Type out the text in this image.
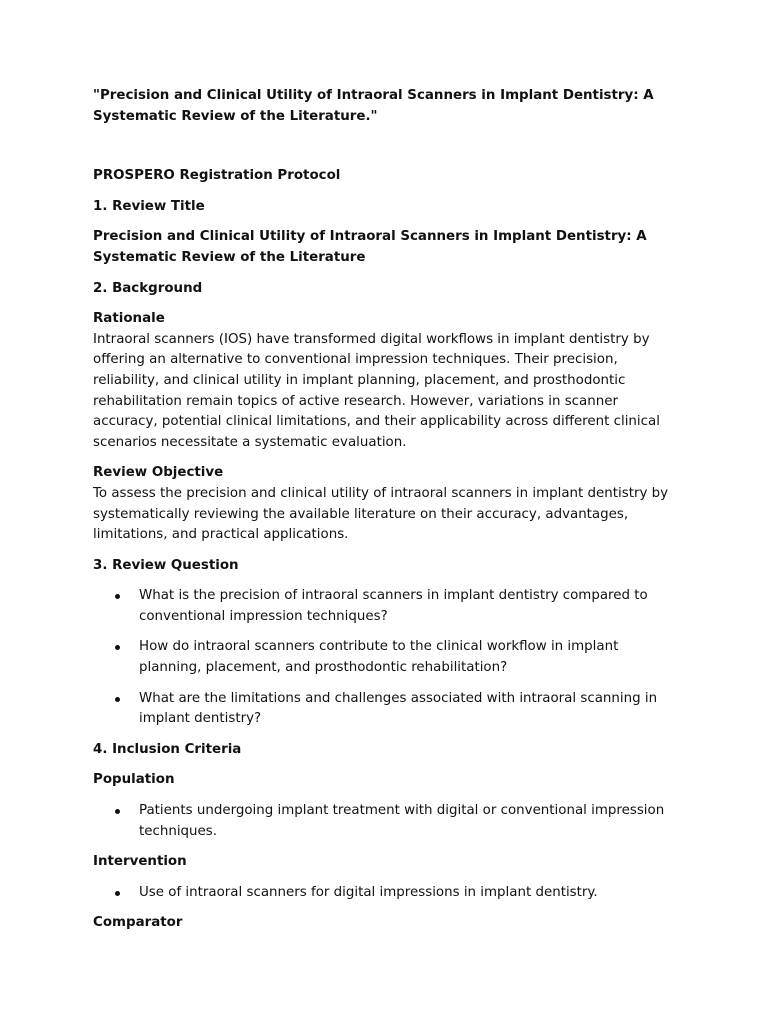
"Precision and Clinical Utility of Intraoral Scanners in Implant Dentistry: A Systematic Review of the Literature."

PROSPERO Registration Protocol

1. Review Title

Precision and Clinical Utility of Intraoral Scanners in Implant Dentistry: A Systematic Review of the Literature

2. Background

Rationale

Intraoral scanners (IOS) have transformed digital workflows in implant dentistry by offering an alternative to conventional impression techniques. Their precision, reliability, and clinical utility in implant planning, placement, and prosthodontic rehabilitation remain topics of active research. However, variations in scanner accuracy, potential clinical limitations, and their applicability across different clinical scenarios necessitate a systematic evaluation.

Review Objective

To assess the precision and clinical utility of intraoral scanners in implant dentistry by systematically reviewing the available literature on their accuracy, advantages, limitations, and practical applications.

3. Review Question

What is the precision of intraoral scanners in implant dentistry compared to conventional impression techniques?
How do intraoral scanners contribute to the clinical workflow in implant planning, placement, and prosthodontic rehabilitation?
What are the limitations and challenges associated with intraoral scanning in implant dentistry?

4. Inclusion Criteria

Population

Patients undergoing implant treatment with digital or conventional impression techniques.

Intervention

Use of intraoral scanners for digital impressions in implant dentistry.

Comparator
